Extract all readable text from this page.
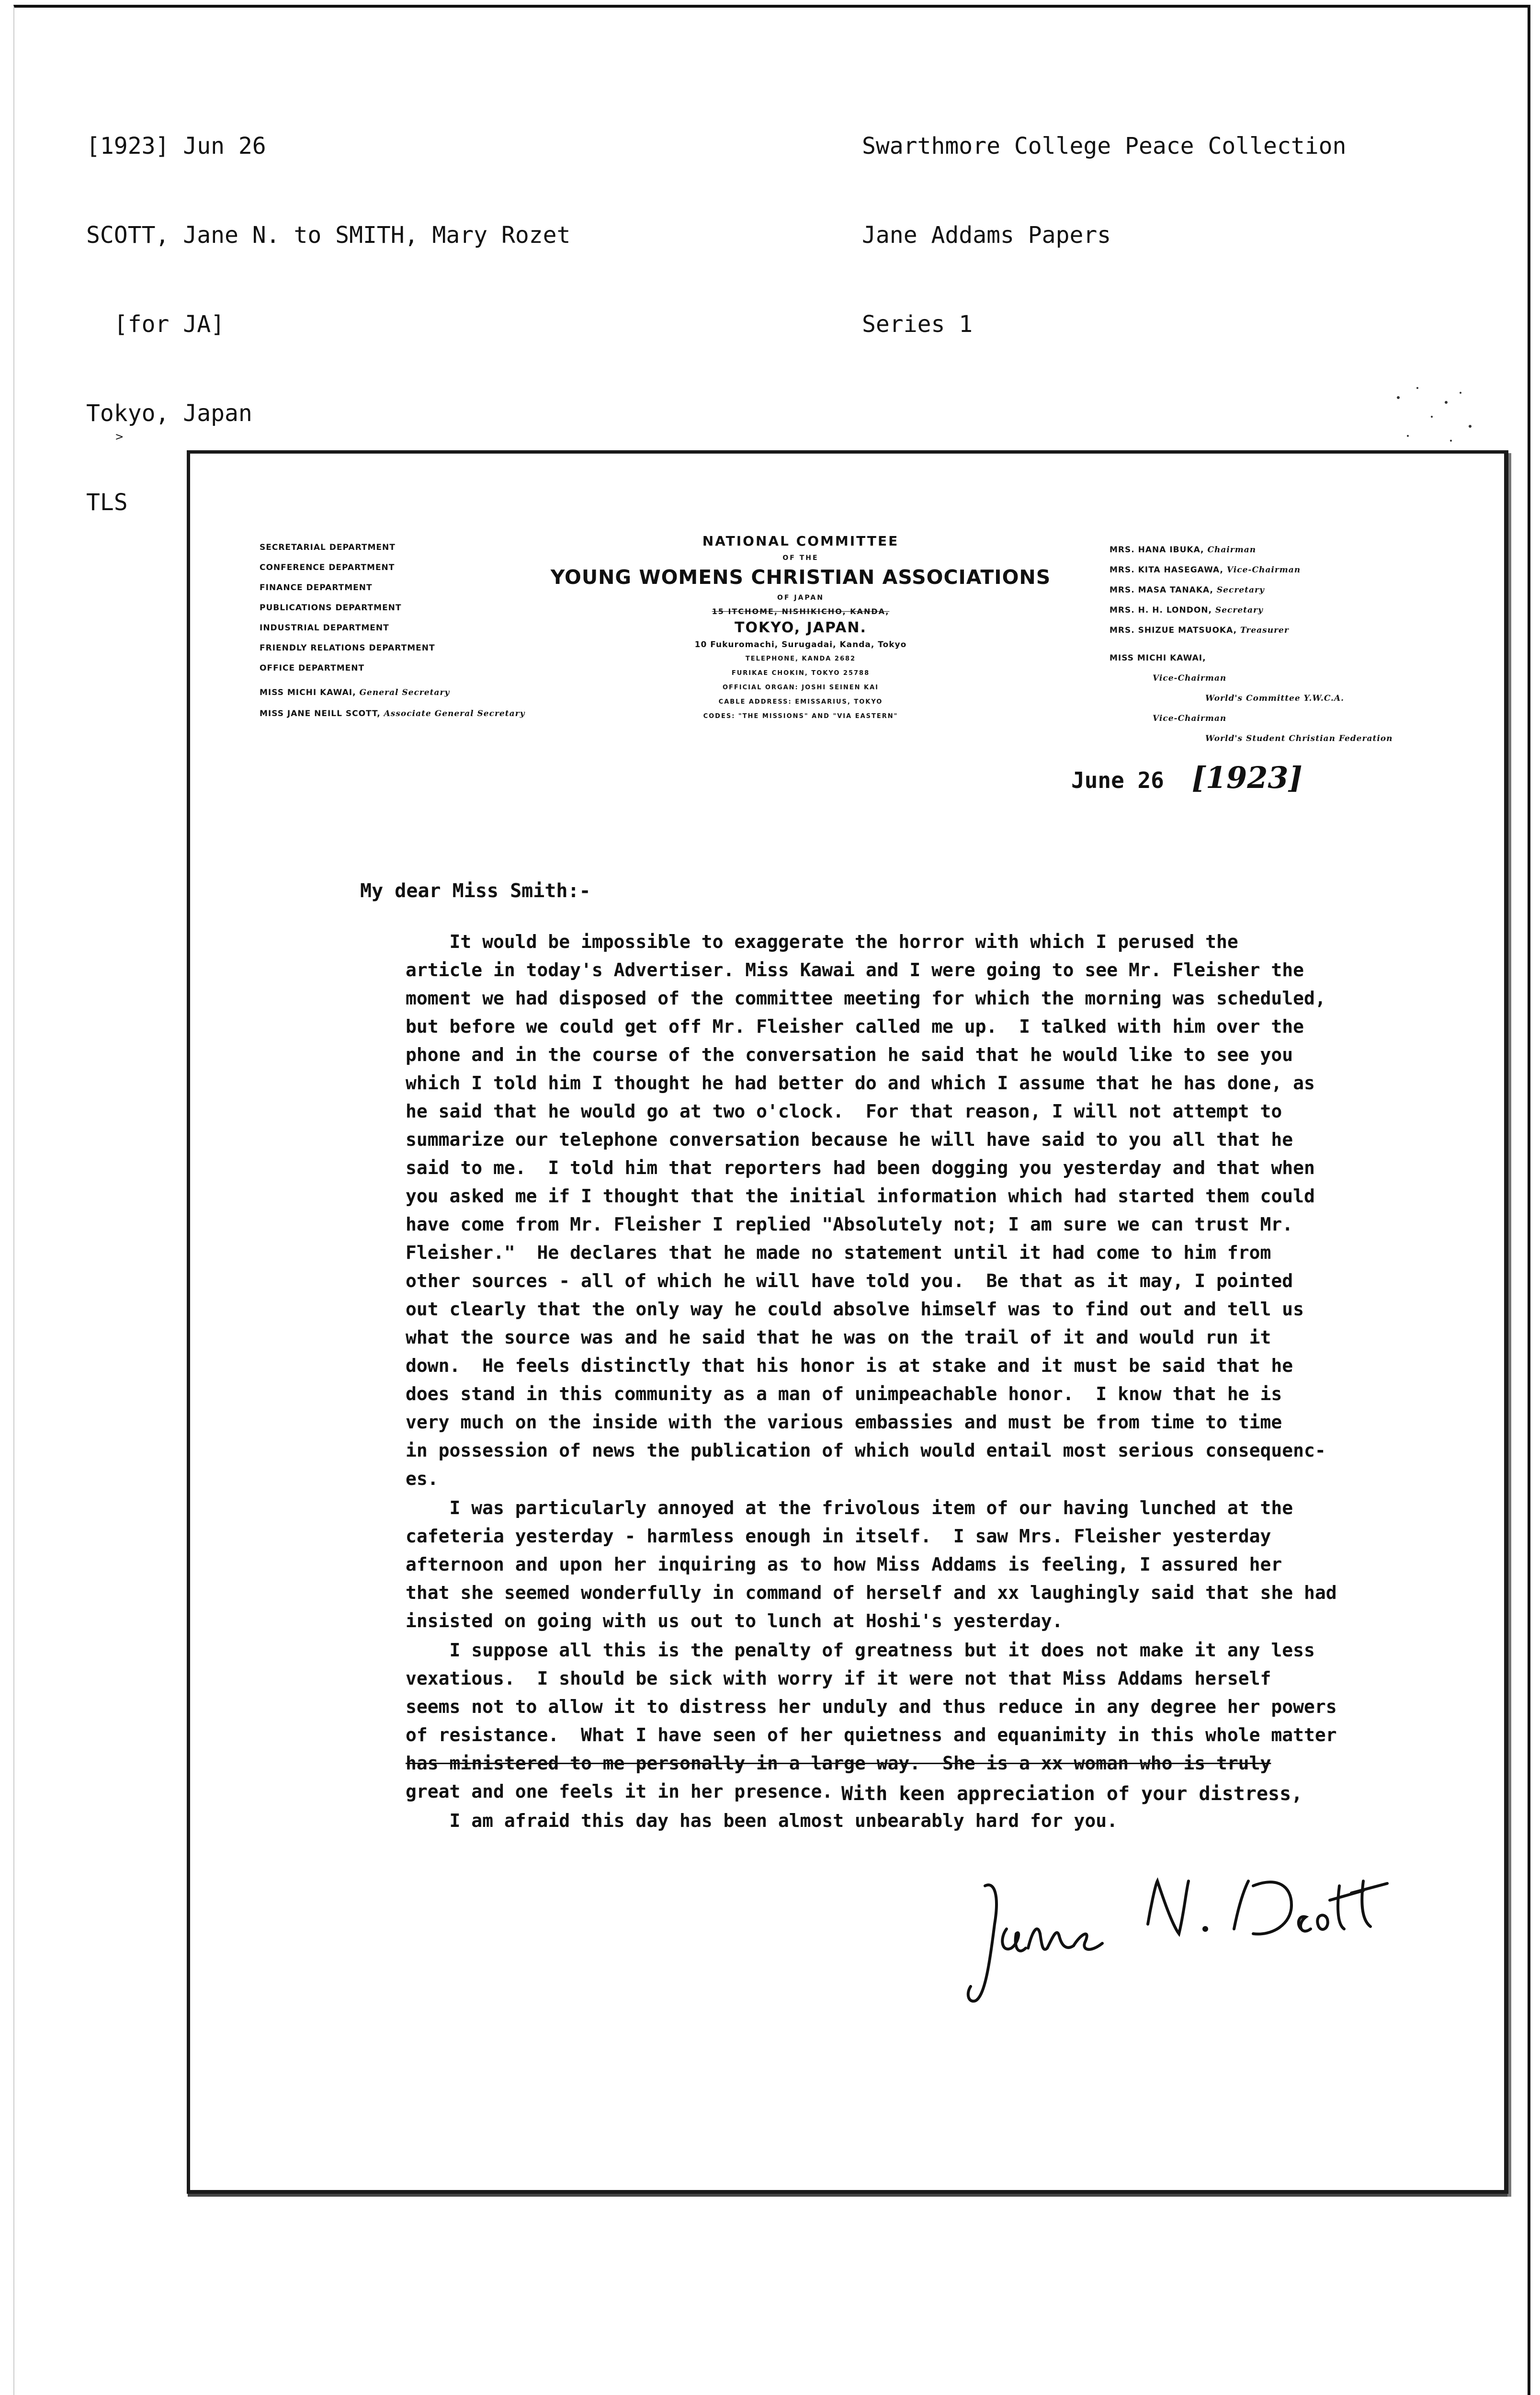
[1923] Jun 26

SCOTT, Jane N. to SMITH, Mary Rozet

[for JA]

Tokyo, Japan

TLS

Swarthmore College Peace Collection

Jane Addams Papers

Series 1

>
SECRETARIAL DEPARTMENT
CONFERENCE DEPARTMENT
FINANCE DEPARTMENT
PUBLICATIONS DEPARTMENT
INDUSTRIAL DEPARTMENT
FRIENDLY RELATIONS DEPARTMENT
OFFICE DEPARTMENT
MISS MICHI KAWAI, General Secretary
MISS JANE NEILL SCOTT, Associate General Secretary
NATIONAL COMMITTEE
OF THE
YOUNG WOMENS CHRISTIAN ASSOCIATIONS
OF JAPAN
15 ITCHOME, NISHIKICHO, KANDA,
TOKYO, JAPAN.
10 Fukuromachi, Surugadai, Kanda, Tokyo
TELEPHONE, KANDA 2682
FURIKAE CHOKIN, TOKYO 25788
OFFICIAL ORGAN: JOSHI SEINEN KAI
CABLE ADDRESS: EMISSARIUS, TOKYO
CODES: "THE MISSIONS" AND "VIA EASTERN"
MRS. HANA IBUKA, Chairman
MRS. KITA HASEGAWA, Vice-Chairman
MRS. MASA TANAKA, Secretary
MRS. H. H. LONDON, Secretary
MRS. SHIZUE MATSUOKA, Treasurer
MISS MICHI KAWAI,
Vice-Chairman
World's Committee Y.W.C.A.
Vice-Chairman
World's Student Christian Federation
June 26 [1923]
My dear Miss Smith:-
It would be impossible to exaggerate the horror with which I perused the
article in today's Advertiser. Miss Kawai and I were going to see Mr. Fleisher the
moment we had disposed of the committee meeting for which the morning was scheduled,
but before we could get off Mr. Fleisher called me up.  I talked with him over the
phone and in the course of the conversation he said that he would like to see you
which I told him I thought he had better do and which I assume that he has done, as
he said that he would go at two o'clock.  For that reason, I will not attempt to
summarize our telephone conversation because he will have said to you all that he
said to me.  I told him that reporters had been dogging you yesterday and that when
you asked me if I thought that the initial information which had started them could
have come from Mr. Fleisher I replied "Absolutely not; I am sure we can trust Mr.
Fleisher."  He declares that he made no statement until it had come to him from
other sources - all of which he will have told you.  Be that as it may, I pointed
out clearly that the only way he could absolve himself was to find out and tell us
what the source was and he said that he was on the trail of it and would run it
down.  He feels distinctly that his honor is at stake and it must be said that he
does stand in this community as a man of unimpeachable honor.  I know that he is
very much on the inside with the various embassies and must be from time to time
in possession of news the publication of which would entail most serious consequenc-
es.
I was particularly annoyed at the frivolous item of our having lunched at the
cafeteria yesterday - harmless enough in itself.  I saw Mrs. Fleisher yesterday
afternoon and upon her inquiring as to how Miss Addams is feeling, I assured her
that she seemed wonderfully in command of herself and xx laughingly said that she had
insisted on going with us out to lunch at Hoshi's yesterday.
I suppose all this is the penalty of greatness but it does not make it any less
vexatious.  I should be sick with worry if it were not that Miss Addams herself
seems not to allow it to distress her unduly and thus reduce in any degree her powers
of resistance.  What I have seen of her quietness and equanimity in this whole matter
has ministered to me personally in a large way.  She is a xx woman who is truly
great and one feels it in her presence.
I am afraid this day has been almost unbearably hard for you.
With keen appreciation of your distress,
